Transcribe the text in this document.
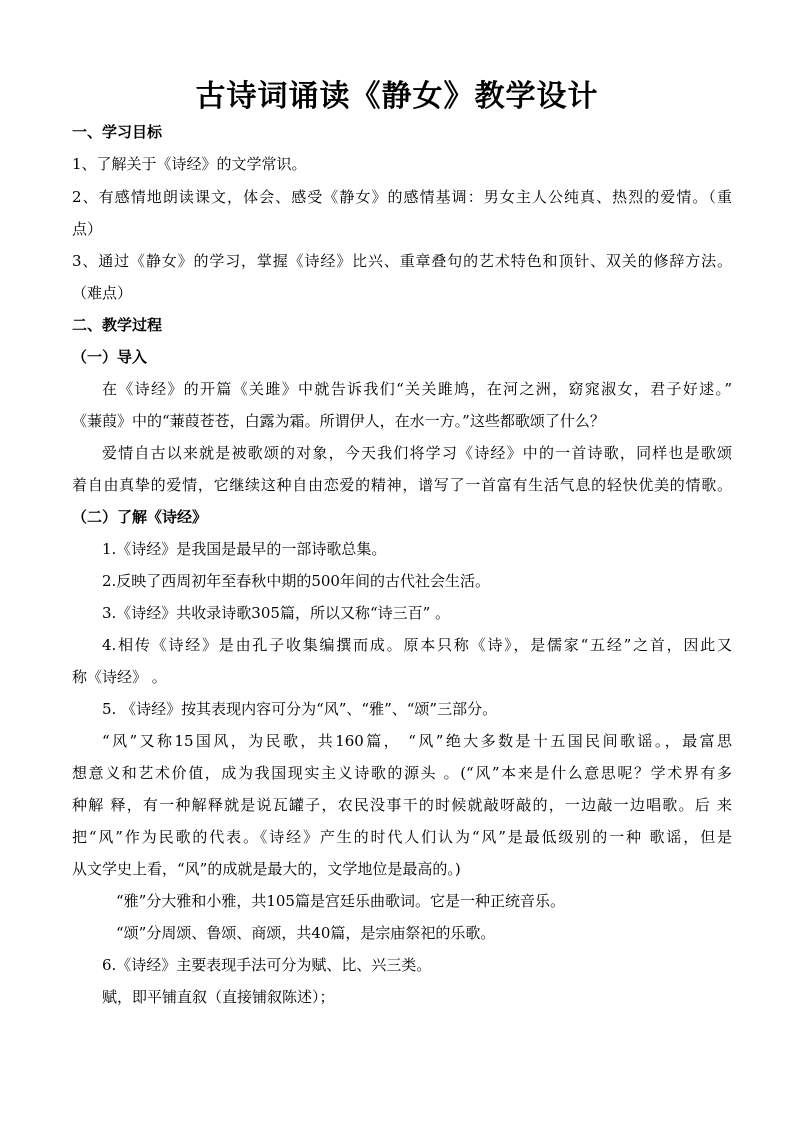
古诗词诵读《静女》教学设计
一、学习目标
1、了解关于《诗经》的文学常识。
2、有感情地朗读课文，体会、感受《静女》的感情基调：男女主人公纯真、热烈的爱情。（重
点）
3、通过《静女》的学习，掌握《诗经》比兴、重章叠句的艺术特色和顶针、双关的修辞方法。
（难点）
二、教学过程
（一）导入
在《诗经》的开篇《关雎》中就告诉我们“关关雎鸠，在河之洲，窈窕淑女，君子好逑。”
《蒹葭》中的“蒹葭苍苍，白露为霜。所谓伊人，在水一方。”这些都歌颂了什么？
爱情自古以来就是被歌颂的对象，今天我们将学习《诗经》中的一首诗歌，同样也是歌颂
着自由真挚的爱情，它继续这种自由恋爱的精神，谱写了一首富有生活气息的轻快优美的情歌。
（二）了解《诗经》
1.《诗经》是我国是最早的一部诗歌总集。
2.反映了西周初年至春秋中期的500年间的古代社会生活。
3.《诗经》共收录诗歌305篇，所以又称“诗三百” 。
4.相传《诗经》是由孔子收集编撰而成。原本只称《诗》，是儒家“五经”之首，因此又
称《诗经》 。
5. 《诗经》按其表现内容可分为“风”、“雅”、“颂”三部分。
“风”又称15国风，为民歌，共160篇， “风”绝大多数是十五国民间歌谣。，最富思
想意义和艺术价值，成为我国现实主义诗歌的源头 。(“风”本来是什么意思呢？学术界有多
种解 释，有一种解释就是说瓦罐子，农民没事干的时候就敲呀敲的，一边敲一边唱歌。后 来
把“风”作为民歌的代表。《诗经》产生的时代人们认为“风”是最低级别的一种 歌谣，但是
从文学史上看，“风”的成就是最大的，文学地位是最高的。)
“雅”分大雅和小雅，共105篇是宫廷乐曲歌词。它是一种正统音乐。
“颂”分周颂、鲁颂、商颂，共40篇，是宗庙祭祀的乐歌。
6.《诗经》主要表现手法可分为赋、比、兴三类。
赋，即平铺直叙（直接铺叙陈述）；
